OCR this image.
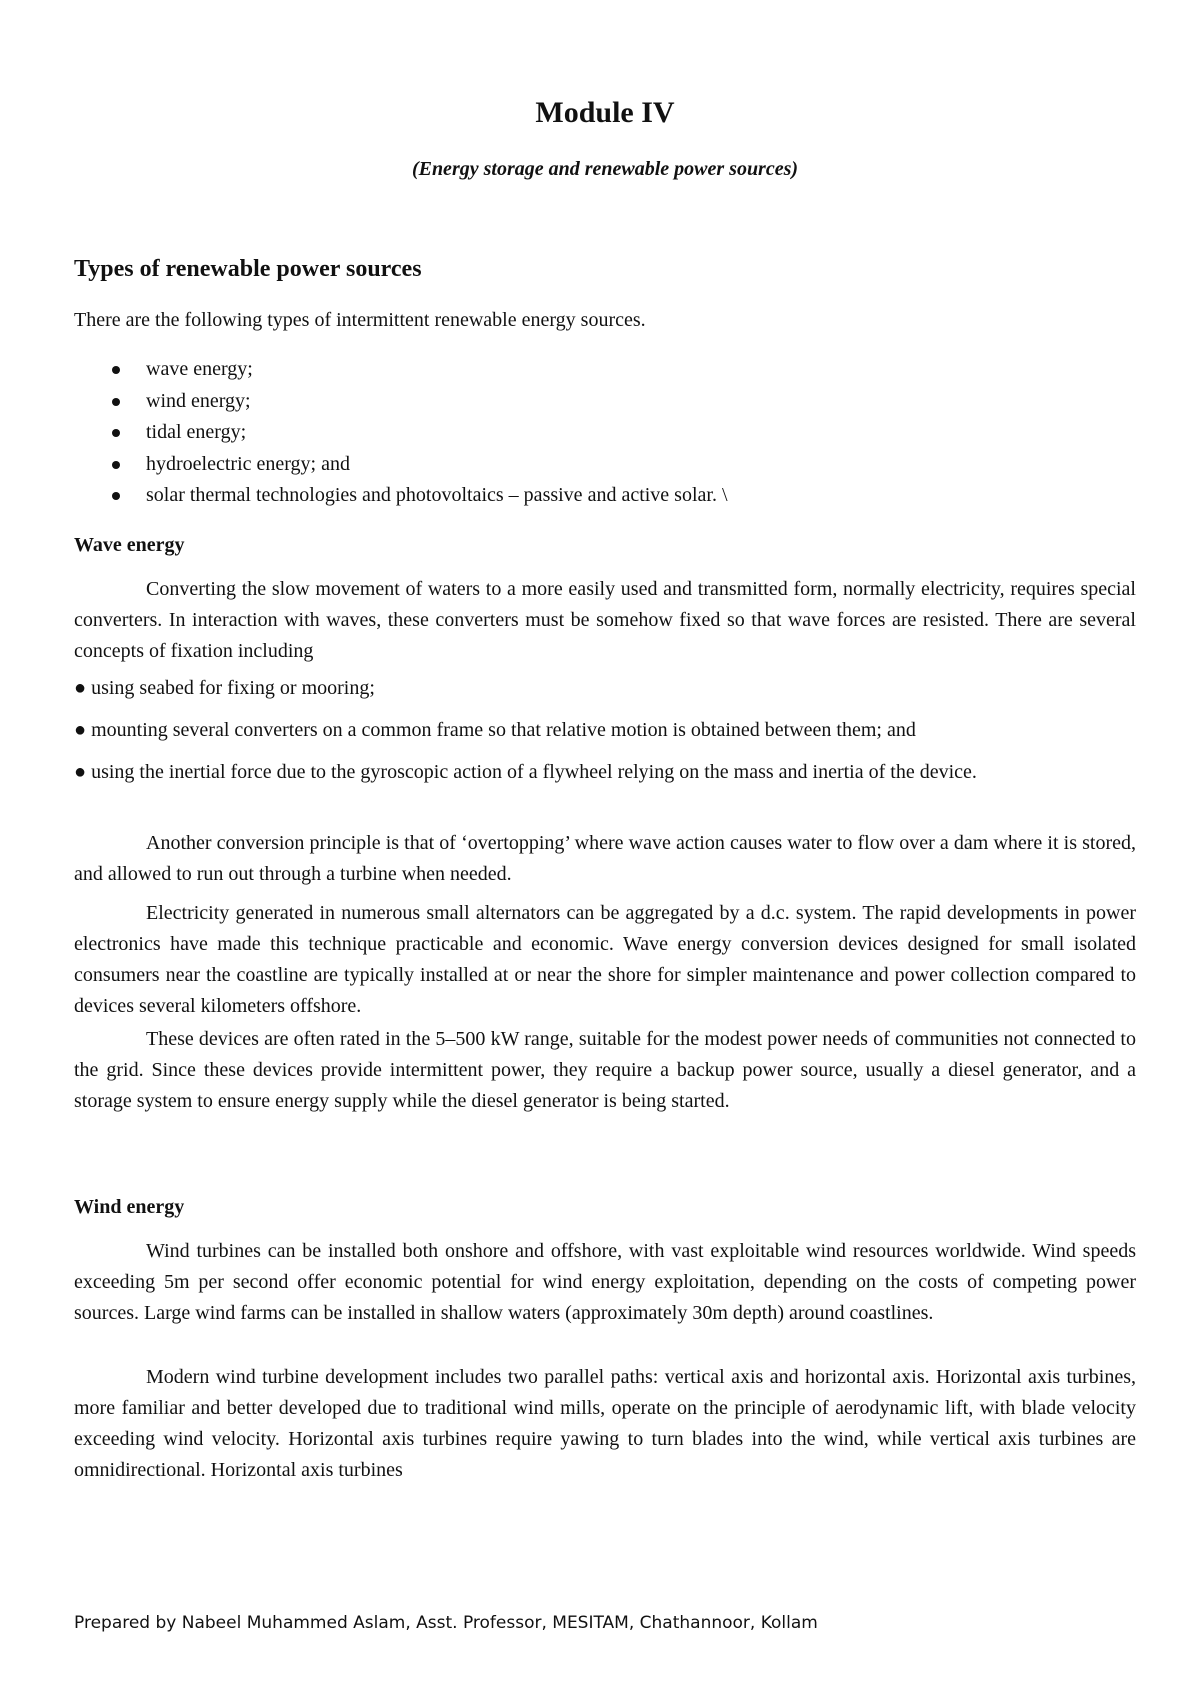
Module IV
(Energy storage and renewable power sources)
Types of renewable power sources

There are the following types of intermittent renewable energy sources.

wave energy;
wind energy;
tidal energy;
hydroelectric energy; and
solar thermal technologies and photovoltaics – passive and active solar. \
Wave energy

Converting the slow movement of waters to a more easily used and transmitted form, normally electricity, requires special converters. In interaction with waves, these converters must be somehow fixed so that wave forces are resisted. There are several concepts of fixation including

● using seabed for fixing or mooring;

● mounting several converters on a common frame so that relative motion is obtained between them; and

● using the inertial force due to the gyroscopic action of a flywheel relying on the mass and inertia of the device.

Another conversion principle is that of ‘overtopping’ where wave action causes water to flow over a dam where it is stored, and allowed to run out through a turbine when needed.

Electricity generated in numerous small alternators can be aggregated by a d.c. system. The rapid developments in power electronics have made this technique practicable and economic. Wave energy conversion devices designed for small isolated consumers near the coastline are typically installed at or near the shore for simpler maintenance and power collection compared to devices several kilometers offshore.

These devices are often rated in the 5–500 kW range, suitable for the modest power needs of communities not connected to the grid. Since these devices provide intermittent power, they require a backup power source, usually a diesel generator, and a storage system to ensure energy supply while the diesel generator is being started.

Wind energy

Wind turbines can be installed both onshore and offshore, with vast exploitable wind resources worldwide. Wind speeds exceeding 5m per second offer economic potential for wind energy exploitation, depending on the costs of competing power sources. Large wind farms can be installed in shallow waters (approximately 30m depth) around coastlines.

Modern wind turbine development includes two parallel paths: vertical axis and horizontal axis. Horizontal axis turbines, more familiar and better developed due to traditional wind mills, operate on the principle of aerodynamic lift, with blade velocity exceeding wind velocity. Horizontal axis turbines require yawing to turn blades into the wind, while vertical axis turbines are omnidirectional. Horizontal axis turbines

Prepared by Nabeel Muhammed Aslam, Asst. Professor, MESITAM, Chathannoor, Kollam
